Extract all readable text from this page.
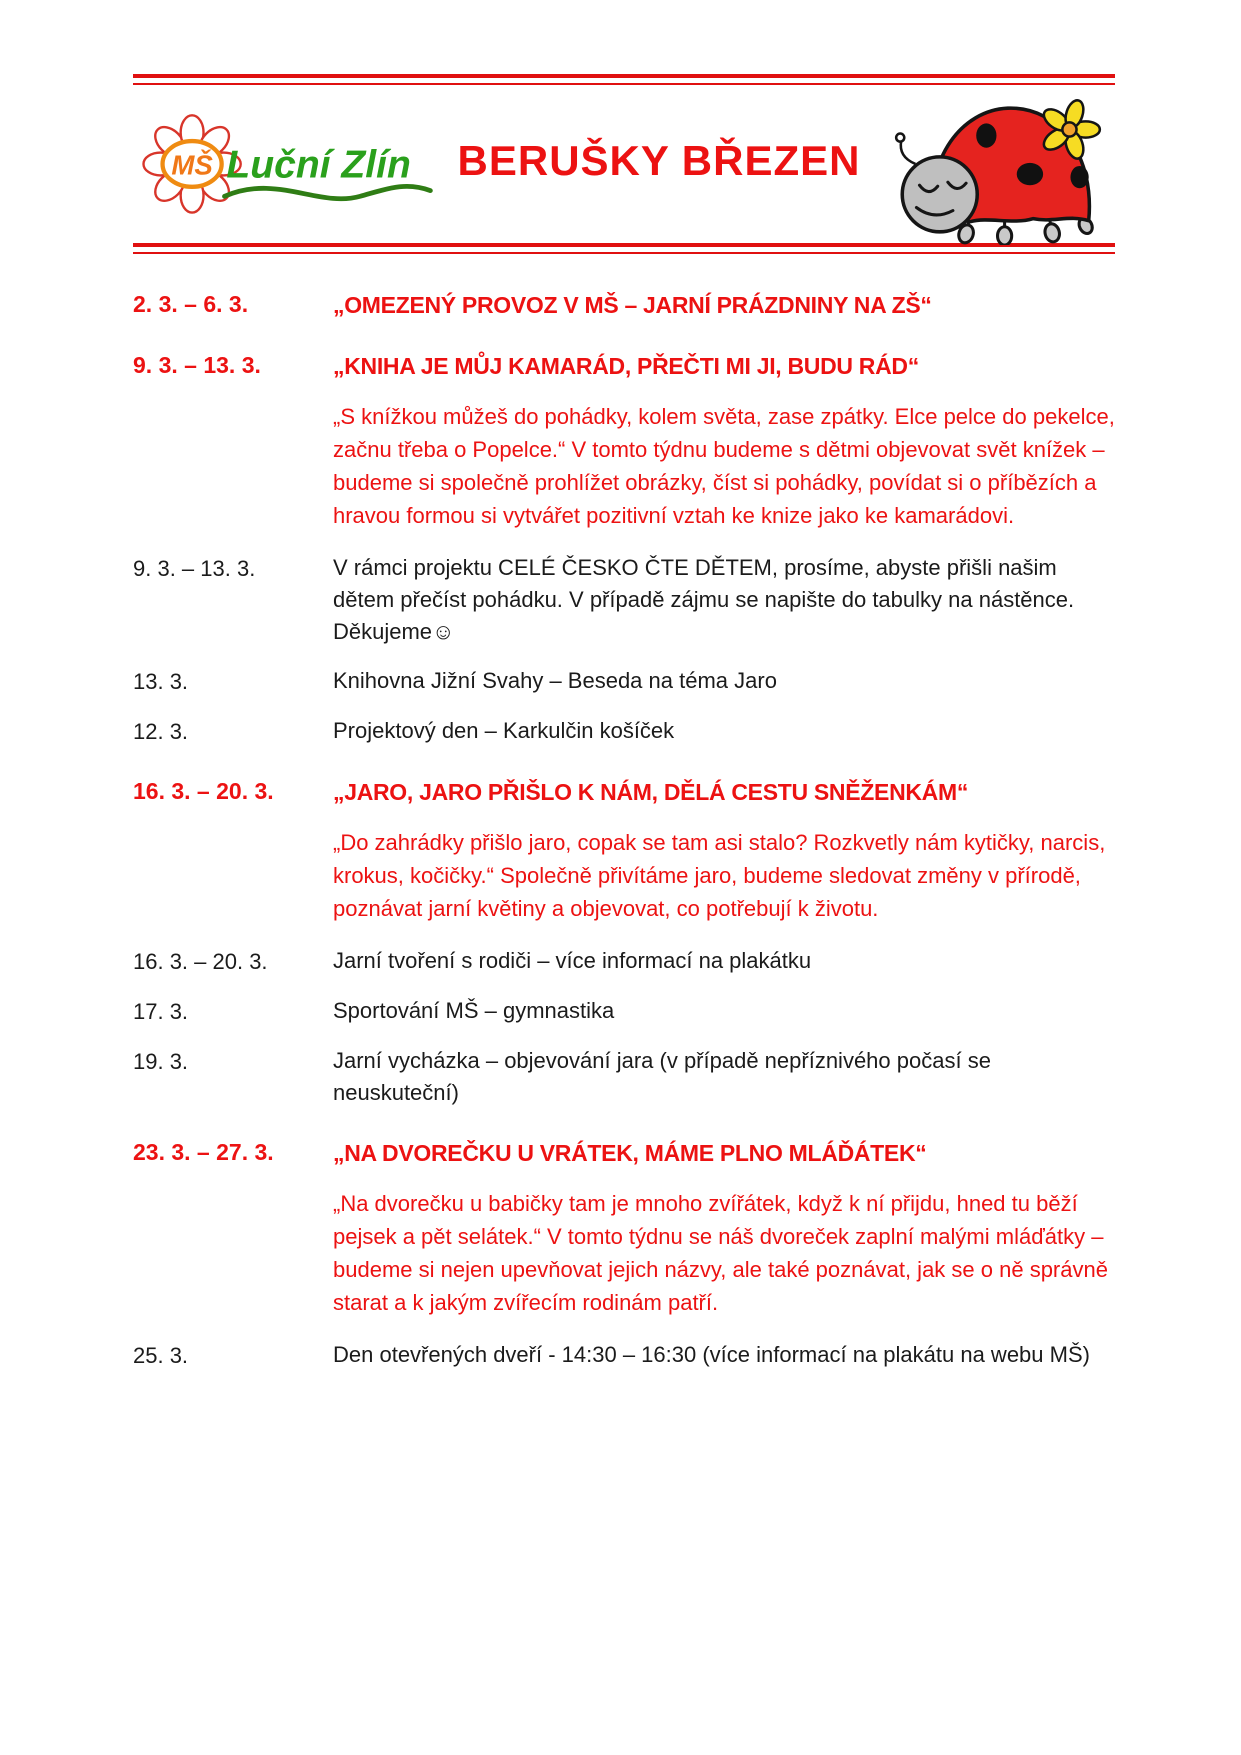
MŠ Luční Zlín	BERUŠKY BŘEZEN
2. 3. – 6. 3.	„OMEZENÝ PROVOZ V MŠ – JARNÍ PRÁZDNINY NA ZŠ“
9. 3. – 13. 3.	„KNIHA JE MŮJ KAMARÁD, PŘEČTI MI JI, BUDU RÁD“
„S knížkou můžeš do pohádky, kolem světa, zase zpátky. Elce pelce do pekelce, začnu třeba o Popelce.“ V tomto týdnu budeme s dětmi objevovat svět knížek – budeme si společně prohlížet obrázky, číst si pohádky, povídat si o příbězích a hravou formou si vytvářet pozitivní vztah ke knize jako ke kamarádovi.
9. 3. – 13. 3.	V rámci projektu CELÉ ČESKO ČTE DĚTEM, prosíme, abyste přišli našim dětem přečíst pohádku. V případě zájmu se napište do tabulky na nástěnce. Děkujeme☺
13. 3.	Knihovna Jižní Svahy – Beseda na téma Jaro
12. 3.	Projektový den – Karkulčin košíček
16. 3. – 20. 3.	„JARO, JARO PŘIŠLO K NÁM, DĚLÁ CESTU SNĚŽENKÁM“
„Do zahrádky přišlo jaro, copak se tam asi stalo? Rozkvetly nám kytičky, narcis, krokus, kočičky.“ Společně přivítáme jaro, budeme sledovat změny v přírodě, poznávat jarní květiny a objevovat, co potřebují k životu.
16. 3. – 20. 3.	Jarní tvoření s rodiči – více informací na plakátku
17. 3.	Sportování MŠ – gymnastika
19. 3.	Jarní vycházka – objevování jara (v případě nepříznivého počasí se neuskuteční)
23. 3. – 27. 3.	„NA DVOREČKU U VRÁTEK, MÁME PLNO MLÁĎÁTEK“
„Na dvorečku u babičky tam je mnoho zvířátek, když k ní přijdu, hned tu běží pejsek a pět selátek.“ V tomto týdnu se náš dvoreček zaplní malými mláďátky – budeme si nejen upevňovat jejich názvy, ale také poznávat, jak se o ně správně starat a k jakým zvířecím rodinám patří.
25. 3.	Den otevřených dveří - 14:30 – 16:30 (více informací na plakátu na webu MŠ)
